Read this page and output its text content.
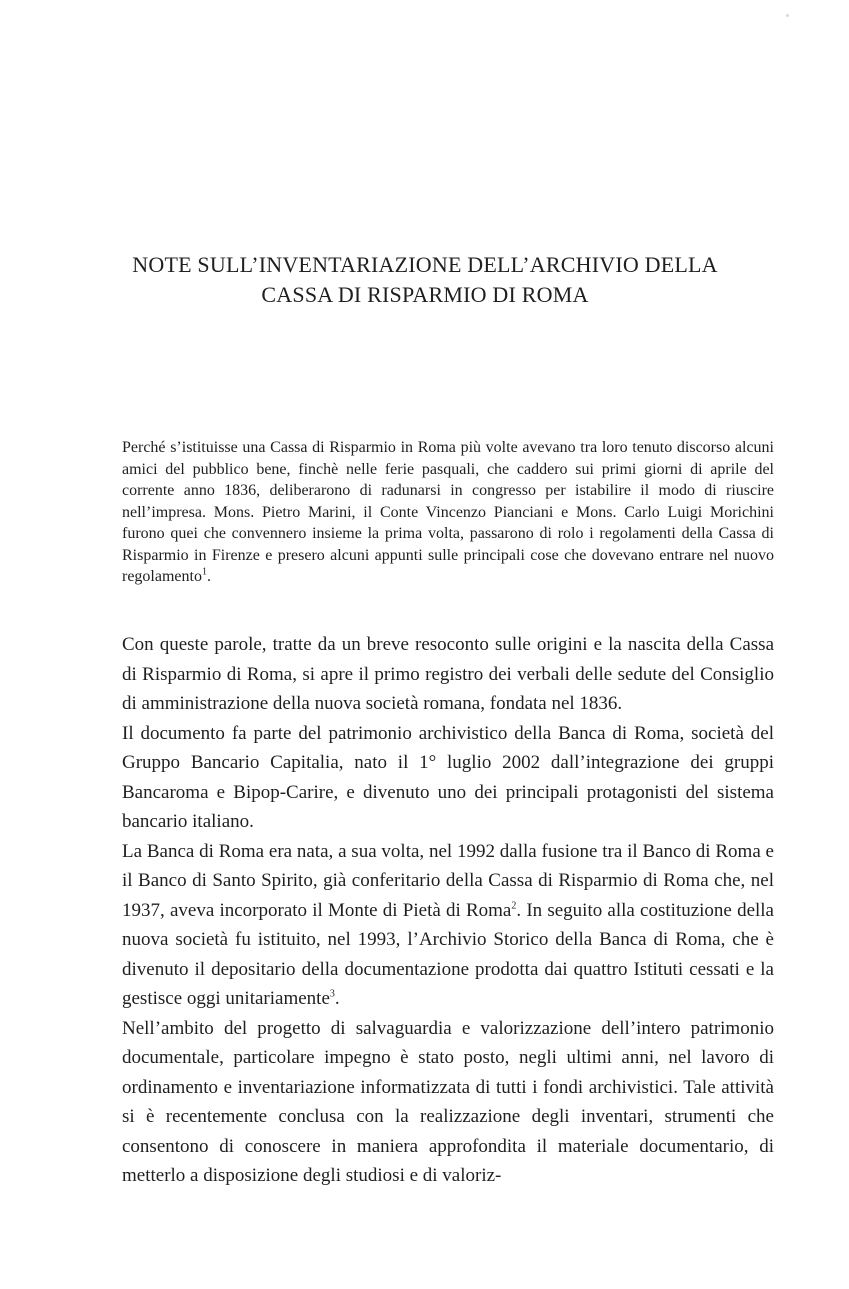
NOTE SULL’INVENTARIAZIONE DELL’ARCHIVIO DELLA
CASSA DI RISPARMIO DI ROMA

Perché s’istituisse una Cassa di Risparmio in Roma più volte avevano tra loro tenuto discorso alcuni amici del pubblico bene, finchè nelle ferie pasquali, che caddero sui primi giorni di aprile del corrente anno 1836, deliberarono di radunarsi in congresso per istabilire il modo di riuscire nell’impresa. Mons. Pietro Marini, il Conte Vincenzo Pianciani e Mons. Carlo Luigi Morichini furono quei che convennero insieme la prima volta, passarono di rolo i regolamenti della Cassa di Risparmio in Firenze e presero alcuni appunti sulle principali cose che dovevano entrare nel nuovo regolamento$^1$.

Con queste parole, tratte da un breve resoconto sulle origini e la nascita della Cassa di Risparmio di Roma, si apre il primo registro dei verbali delle sedute del Consiglio di amministrazione della nuova società romana, fondata nel 1836.

Il documento fa parte del patrimonio archivistico della Banca di Roma, società del Gruppo Bancario Capitalia, nato il 1° luglio 2002 dall’integrazione dei gruppi Bancaroma e Bipop-Carire, e divenuto uno dei principali protagonisti del sistema bancario italiano.

La Banca di Roma era nata, a sua volta, nel 1992 dalla fusione tra il Banco di Roma e il Banco di Santo Spirito, già conferitario della Cassa di Risparmio di Roma che, nel 1937, aveva incorporato il Monte di Pietà di Roma$^2$. In seguito alla costituzione della nuova società fu istituito, nel 1993, l’Archivio Storico della Banca di Roma, che è divenuto il depositario della documentazione prodotta dai quattro Istituti cessati e la gestisce oggi unitariamente$^3$.

Nell’ambito del progetto di salvaguardia e valorizzazione dell’intero patrimonio documentale, particolare impegno è stato posto, negli ultimi anni, nel lavoro di ordinamento e inventariazione informatizzata di tutti i fondi archivistici. Tale attività si è recentemente conclusa con la realizzazione degli inventari, strumenti che consentono di conoscere in maniera approfondita il materiale documentario, di metterlo a disposizione degli studiosi e di valoriz-
